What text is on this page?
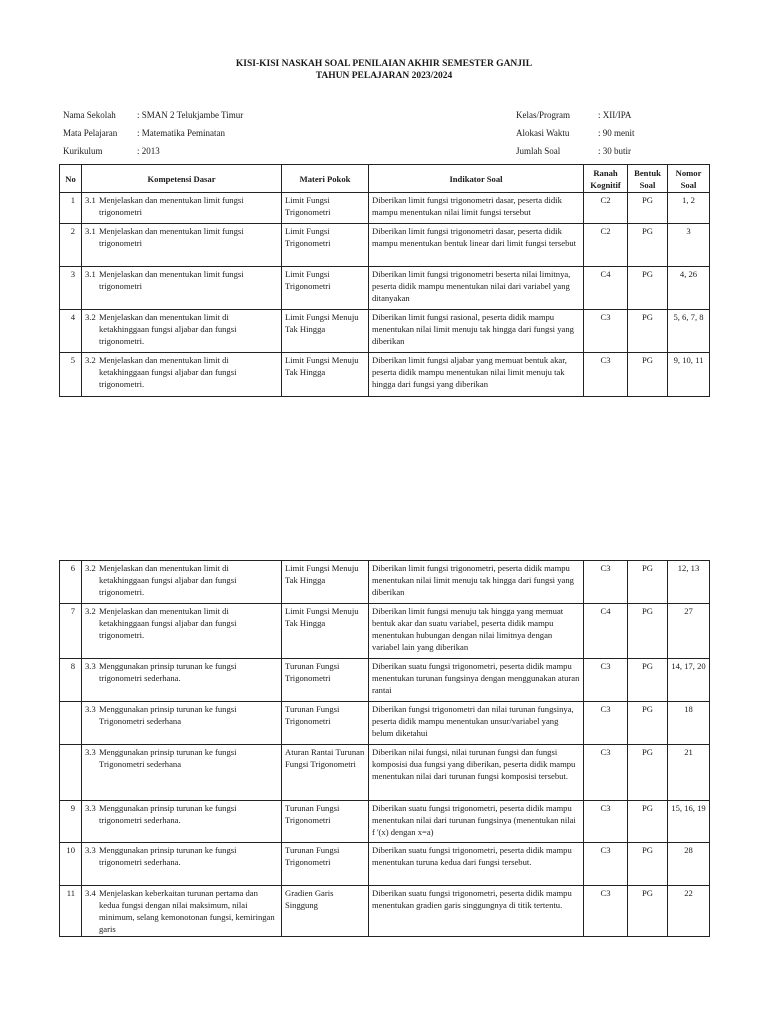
KISI-KISI NASKAH SOAL PENILAIAN AKHIR SEMESTER GANJIL
TAHUN PELAJARAN 2023/2024
Nama Sekolah	: SMAN 2 Telukjambe Timur
Mata Pelajaran	: Matematika Peminatan
Kurikulum	: 2013
Kelas/Program	: XII/IPA
Alokasi Waktu	: 90 menit
Jumlah Soal	: 30 butir
No	Kompetensi Dasar	Materi Pokok	Indikator Soal	Ranah Kognitif	Bentuk Soal	Nomor Soal
1	3.1 Menjelaskan dan menentukan limit fungsi trigonometri	Limit Fungsi Trigonometri	Diberikan limit fungsi trigonometri dasar, peserta didik mampu menentukan nilai limit fungsi tersebut	C2	PG	1, 2
2	3.1 Menjelaskan dan menentukan limit fungsi trigonometri	Limit Fungsi Trigonometri	Diberikan limit fungsi trigonometri dasar, peserta didik mampu menentukan bentuk linear dari limit fungsi tersebut	C2	PG	3
3	3.1 Menjelaskan dan menentukan limit fungsi trigonometri	Limit Fungsi Trigonometri	Diberikan limit fungsi trigonometri beserta nilai limitnya, peserta didik mampu menentukan nilai dari variabel yang ditanyakan	C4	PG	4, 26
4	3.2 Menjelaskan dan menentukan limit di ketakhinggaan fungsi aljabar dan fungsi trigonometri.	Limit Fungsi Menuju Tak Hingga	Diberikan limit fungsi rasional, peserta didik mampu menentukan nilai limit menuju tak hingga dari fungsi yang diberikan	C3	PG	5, 6, 7, 8
5	3.2 Menjelaskan dan menentukan limit di ketakhinggaan fungsi aljabar dan fungsi trigonometri.	Limit Fungsi Menuju Tak Hingga	Diberikan limit fungsi aljabar yang memuat bentuk akar, peserta didik mampu menentukan nilai limit menuju tak hingga dari fungsi yang diberikan	C3	PG	9, 10, 11
6	3.2 Menjelaskan dan menentukan limit di ketakhinggaan fungsi aljabar dan fungsi trigonometri.	Limit Fungsi Menuju Tak Hingga	Diberikan limit fungsi trigonometri, peserta didik mampu menentukan nilai limit menuju tak hingga dari fungsi yang diberikan	C3	PG	12, 13
7	3.2 Menjelaskan dan menentukan limit di ketakhinggaan fungsi aljabar dan fungsi trigonometri.	Limit Fungsi Menuju Tak Hingga	Diberikan limit fungsi menuju tak hingga yang memuat bentuk akar dan suatu variabel, peserta didik mampu menentukan hubungan dengan nilai limitnya dengan variabel lain yang diberikan	C4	PG	27
8	3.3 Menggunakan prinsip turunan ke fungsi trigonometri sederhana.	Turunan Fungsi Trigonometri	Diberikan suatu fungsi trigonometri, peserta didik mampu menentukan turunan fungsinya dengan menggunakan aturan rantai	C3	PG	14, 17, 20

	3.3 Menggunakan prinsip turunan ke fungsi Trigonometri sederhana	Turunan Fungsi Trigonometri	Diberikan fungsi trigonometri dan nilai turunan fungsinya, peserta didik mampu menentukan unsur/variabel yang belum diketahui	C3	PG	18

	3.3 Menggunakan prinsip turunan ke fungsi Trigonometri sederhana	Aturan Rantai Turunan Fungsi Trigonometri	Diberikan nilai fungsi, nilai turunan fungsi dan fungsi komposisi dua fungsi yang diberikan, peserta didik mampu menentukan nilai dari turunan fungsi komposisi tersebut.	C3	PG	21
9	3.3 Menggunakan prinsip turunan ke fungsi trigonometri sederhana.	Turunan Fungsi Trigonometri	Diberikan suatu fungsi trigonometri, peserta didik mampu menentukan nilai dari turunan fungsinya (menentukan nilai f '(x) dengan x=a)	C3	PG	15, 16, 19
10	3.3 Menggunakan prinsip turunan ke fungsi trigonometri sederhana.	Turunan Fungsi Trigonometri	Diberikan suatu fungsi trigonometri, peserta didik mampu menentukan turuna kedua dari fungsi tersebut.	C3	PG	28
11	3.4 Menjelaskan keberkaitan turunan pertama dan kedua fungsi dengan nilai maksimum, nilai minimum, selang kemonotonan fungsi, kemiringan garis	Gradien Garis Singgung	Diberikan suatu fungsi trigonometri, peserta didik mampu menentukan gradien garis singgungnya di titik tertentu.	C3	PG	22
